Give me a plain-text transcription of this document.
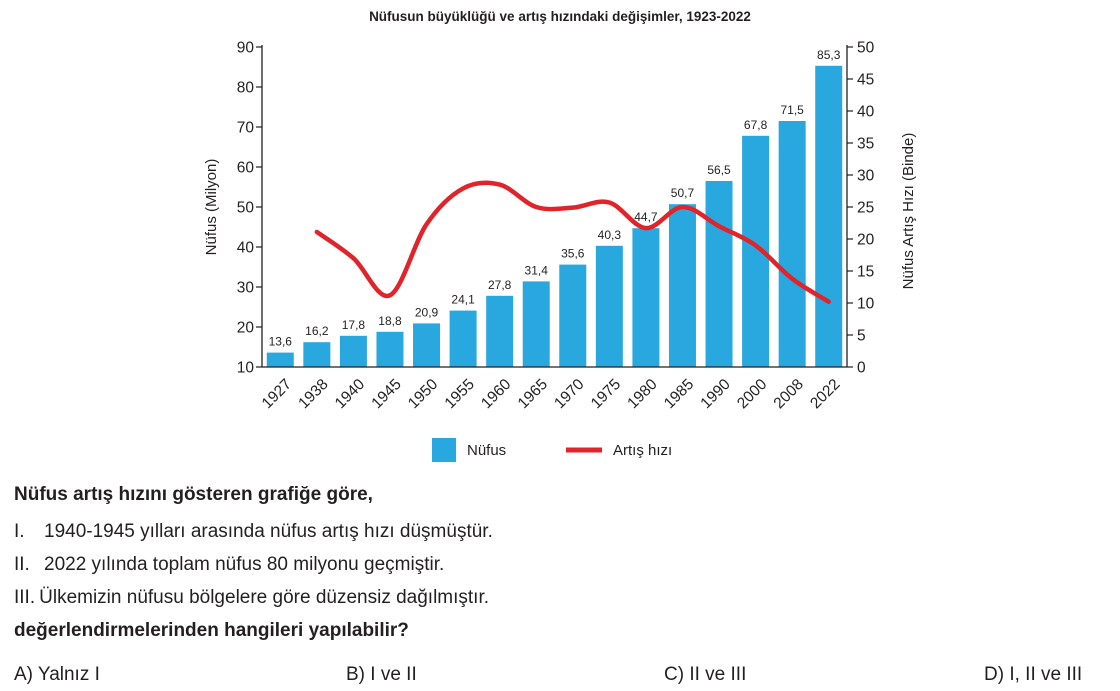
Nüfusun büyüklüğü ve artış hızındaki değişimler, 1923-2022
13,6
16,2 17,8 18,8
20,9
24,1
27,8
31,4
35,6
40,3
44,7
50,7
56,5
67,8
71,5
85,3
10
20
30
40
50
60
70
80
90
0
5
10
15
20
25
30
35
40
45
50
Nüfus (Milyon)	Nüfus Artış Hızı (Binde)
1927 1938 1940 1945 1950 1955 1960 1965 1970 1975 1980 1985 1990 2000 2008 2022
Nüfus	Artış hızı
Nüfus artış hızını gösteren grafiğe göre,
I. 1940-1945 yılları arasında nüfus artış hızı düşmüştür.
II. 2022 yılında toplam nüfus 80 milyonu geçmiştir.
III. Ülkemizin nüfusu bölgelere göre düzensiz dağılmıştır.
değerlendirmelerinden hangileri yapılabilir?
A) Yalnız I	B) I ve II	C) II ve III	D) I, II ve III
